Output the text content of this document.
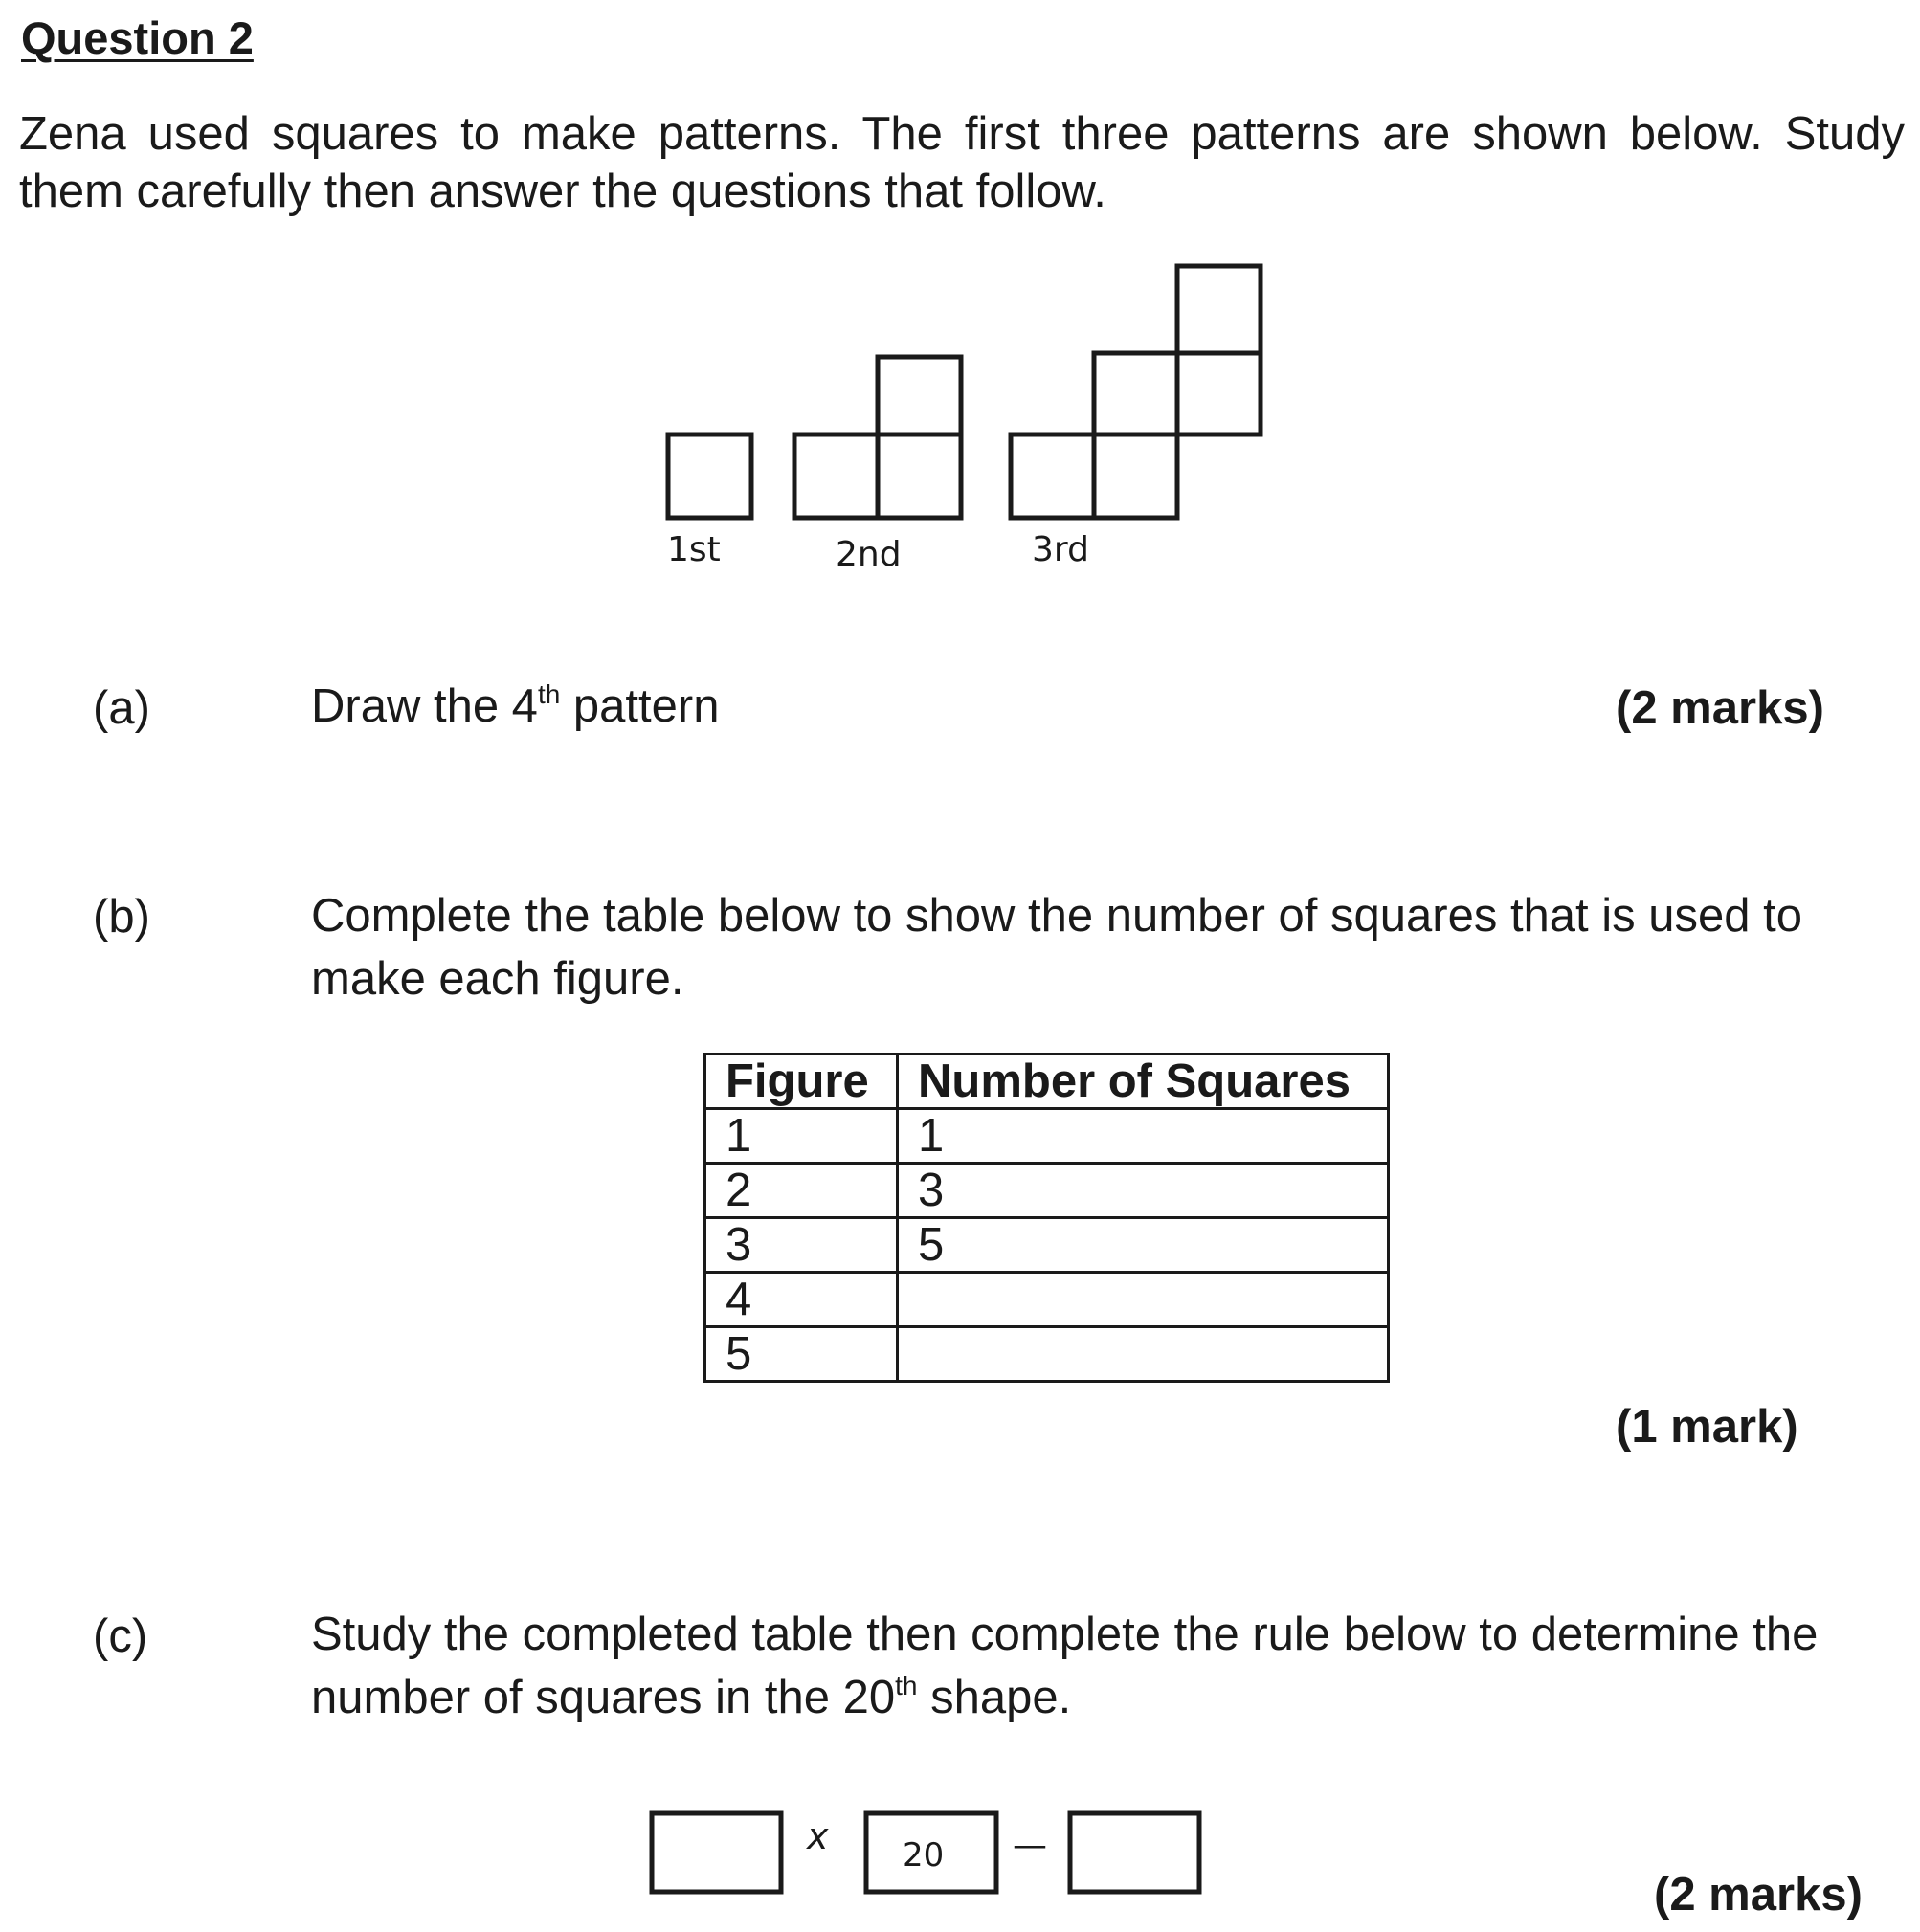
Question 2

Zena used squares to make patterns. The first three patterns are shown below. Study
them carefully then answer the questions that follow.

1st	2nd	3rd
(a)	Draw the 4th pattern	(2 marks)
(b)	Complete the table below to show the number of squares that is used to
make each figure.
Figure	Number of Squares
1	1
2	3
3	5
4	
5	
(1 mark)
(c)	Study the completed table then complete the rule below to determine the
number of squares in the 20th shape.
x 20 —
(2 marks)
